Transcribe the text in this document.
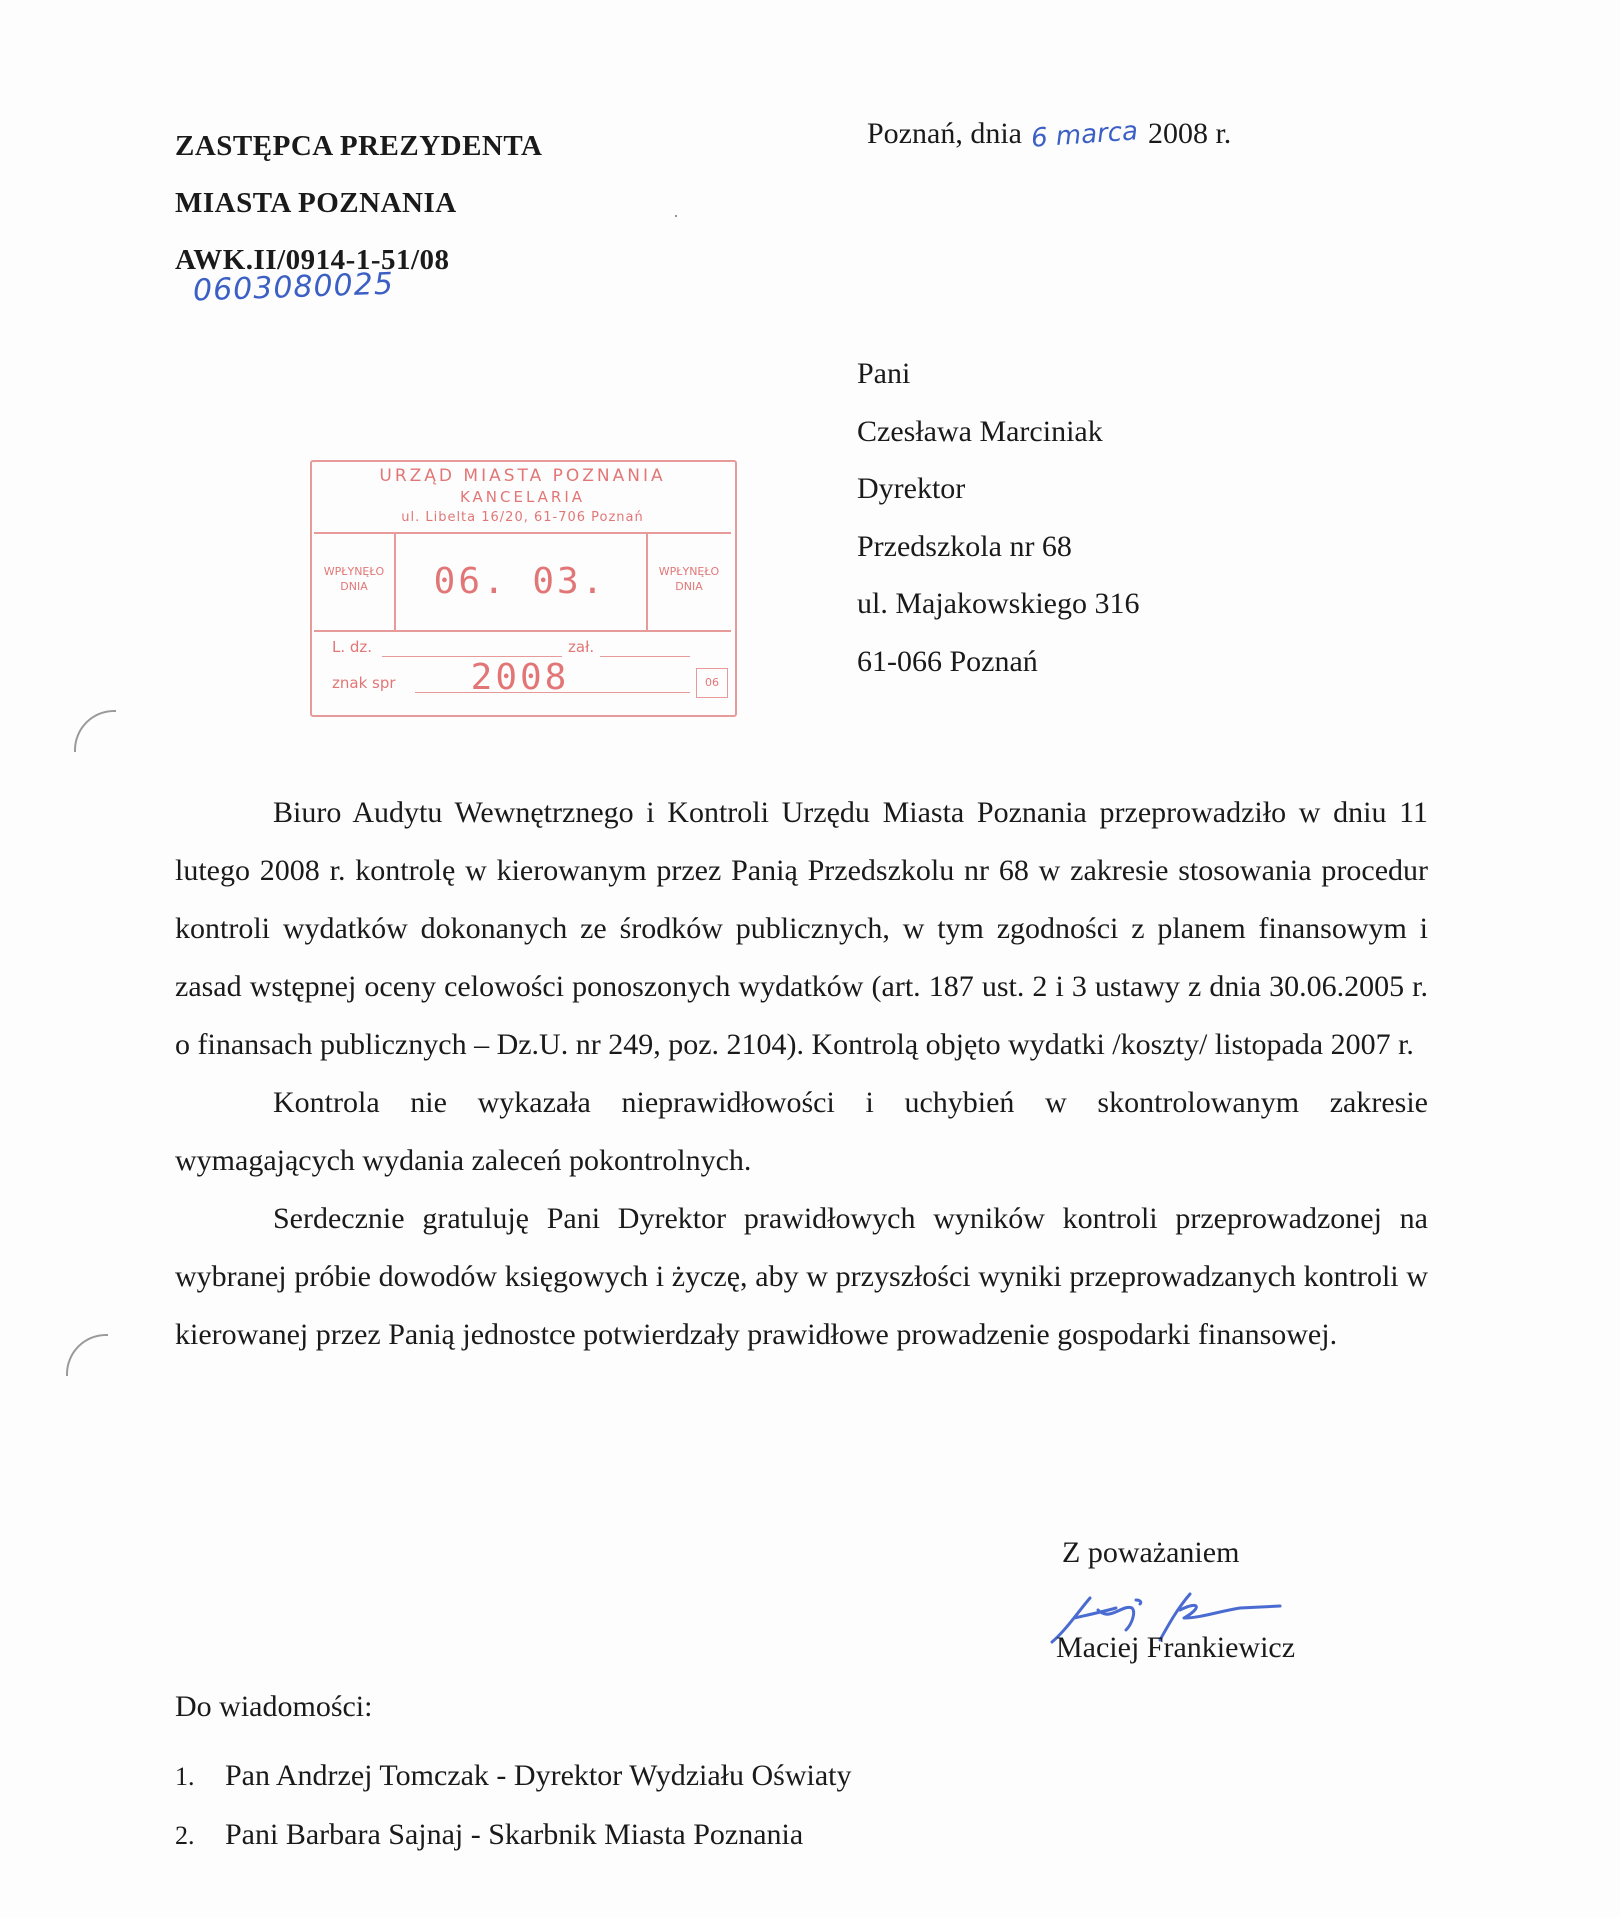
ZASTĘPCA PREZYDENTA
MIASTA POZNANIA
AWK.II/0914-1-51/08
0603080025
Poznań, dnia 6 marca 2008 r.
Pani
Czesława Marciniak
Dyrektor
Przedszkola nr 68
ul. Majakowskiego 316
61-066 Poznań
URZĄD MIASTA POZNANIA
KANCELARIA
ul. Libelta 16/20, 61-706 Poznań
WPŁYNĘŁO DNIA	06. 03. 2008
WPŁYNĘŁO DNIA
L. dz.	zał.
znak spr	06

Biuro Audytu Wewnętrznego i Kontroli Urzędu Miasta Poznania przeprowadziło w dniu 11 lutego 2008 r. kontrolę w kierowanym przez Panią Przedszkolu nr 68 w zakresie stosowania procedur kontroli wydatków dokonanych ze środków publicznych, w tym zgodności z planem finansowym i zasad wstępnej oceny celowości ponoszonych wydatków (art. 187 ust. 2 i 3 ustawy z dnia 30.06.2005 r. o finansach publicznych – Dz.U. nr 249, poz. 2104). Kontrolą objęto wydatki /koszty/ listopada 2007 r.

Kontrola nie wykazała nieprawidłowości i uchybień w skontrolowanym zakresie wymagających wydania zaleceń pokontrolnych.

Serdecznie gratuluję Pani Dyrektor prawidłowych wyników kontroli przeprowadzonej na wybranej próbie dowodów księgowych i życzę, aby w przyszłości wyniki przeprowadzanych kontroli w kierowanej przez Panią jednostce potwierdzały prawidłowe prowadzenie gospodarki finansowej.

Z poważaniem
Maciej Frankiewicz
Do wiadomości:
1. Pan Andrzej Tomczak - Dyrektor Wydziału Oświaty
2. Pani Barbara Sajnaj - Skarbnik Miasta Poznania
